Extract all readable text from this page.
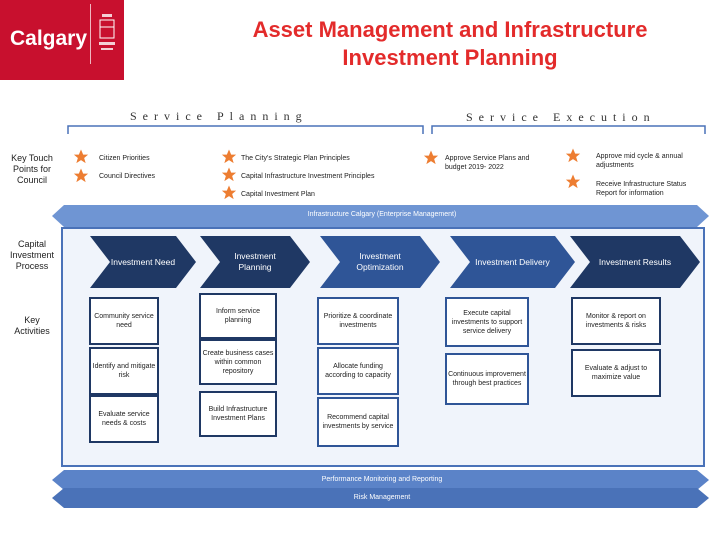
Calgary	Asset Management and Infrastructure
Investment Planning
Service Planning	Service Execution
Key Touch Points for Council
Capital Investment Process
Key Activities
Citizen Priorities
Council Directives
The City's Strategic Plan Principles
Capital Infrastructure Investment Principles
Capital Investment Plan
Approve Service Plans and budget 2019- 2022
Approve mid cycle & annual adjustments
Receive Infrastructure Status Report for information
Infrastructure Calgary (Enterprise Management)
Performance Monitoring and Reporting
Risk Management
Investment Need
Investment Planning
Investment Optimization
Investment Delivery	Investment Results
Community service need
Identify and mitigate risk
Evaluate service needs & costs
Inform service planning
Create business cases within common repository
Build Infrastructure Investment Plans
Prioritize & coordinate investments
Allocate funding according to capacity
Recommend capital investments by service
Execute capital investments to support service delivery
Continuous improvement through best practices
Monitor & report on investments & risks
Evaluate & adjust to maximize value
